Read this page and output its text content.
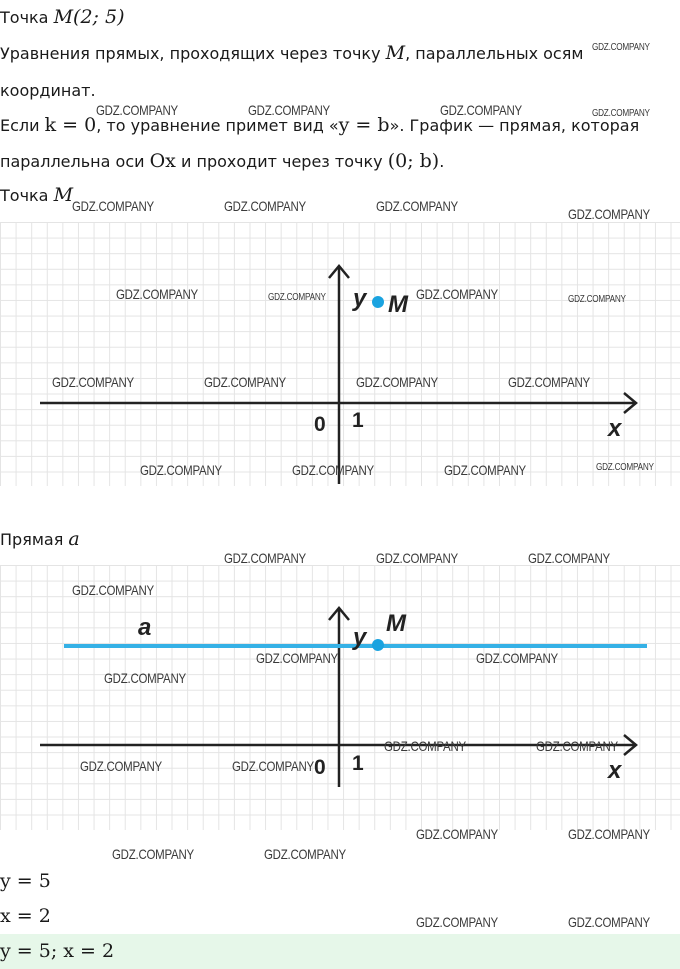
Точка M(2; 5)
Уравнения прямых, проходящих через точку M, параллельных осям
координат.
Если k = 0, то уравнение примет вид «y = b». График — прямая, которая
параллельна оси Ox и проходит через точку (0; b).
Точка M
y M
x
0 1
Прямая a
a	y
M
x
0 1
y = 5
x = 2
y = 5; x = 2
GDZ.COMPANY
GDZ.COMPANY	GDZ.COMPANY	GDZ.COMPANY	GDZ.COMPANY
GDZ.COMPANY	GDZ.COMPANY	GDZ.COMPANY	GDZ.COMPANY
GDZ.COMPANY	GDZ.COMPANY	GDZ.COMPANY	GDZ.COMPANY
GDZ.COMPANY	GDZ.COMPANY	GDZ.COMPANY	GDZ.COMPANY
GDZ.COMPANY	GDZ.COMPANY	GDZ.COMPANY	GDZ.COMPANY
GDZ.COMPANY	GDZ.COMPANY	GDZ.COMPANY
GDZ.COMPANY
GDZ.COMPANY	GDZ.COMPANY
GDZ.COMPANY
GDZ.COMPANY	GDZ.COMPANY
GDZ.COMPANY	GDZ.COMPANY
GDZ.COMPANY	GDZ.COMPANY
GDZ.COMPANY	GDZ.COMPANY
GDZ.COMPANY	GDZ.COMPANY
